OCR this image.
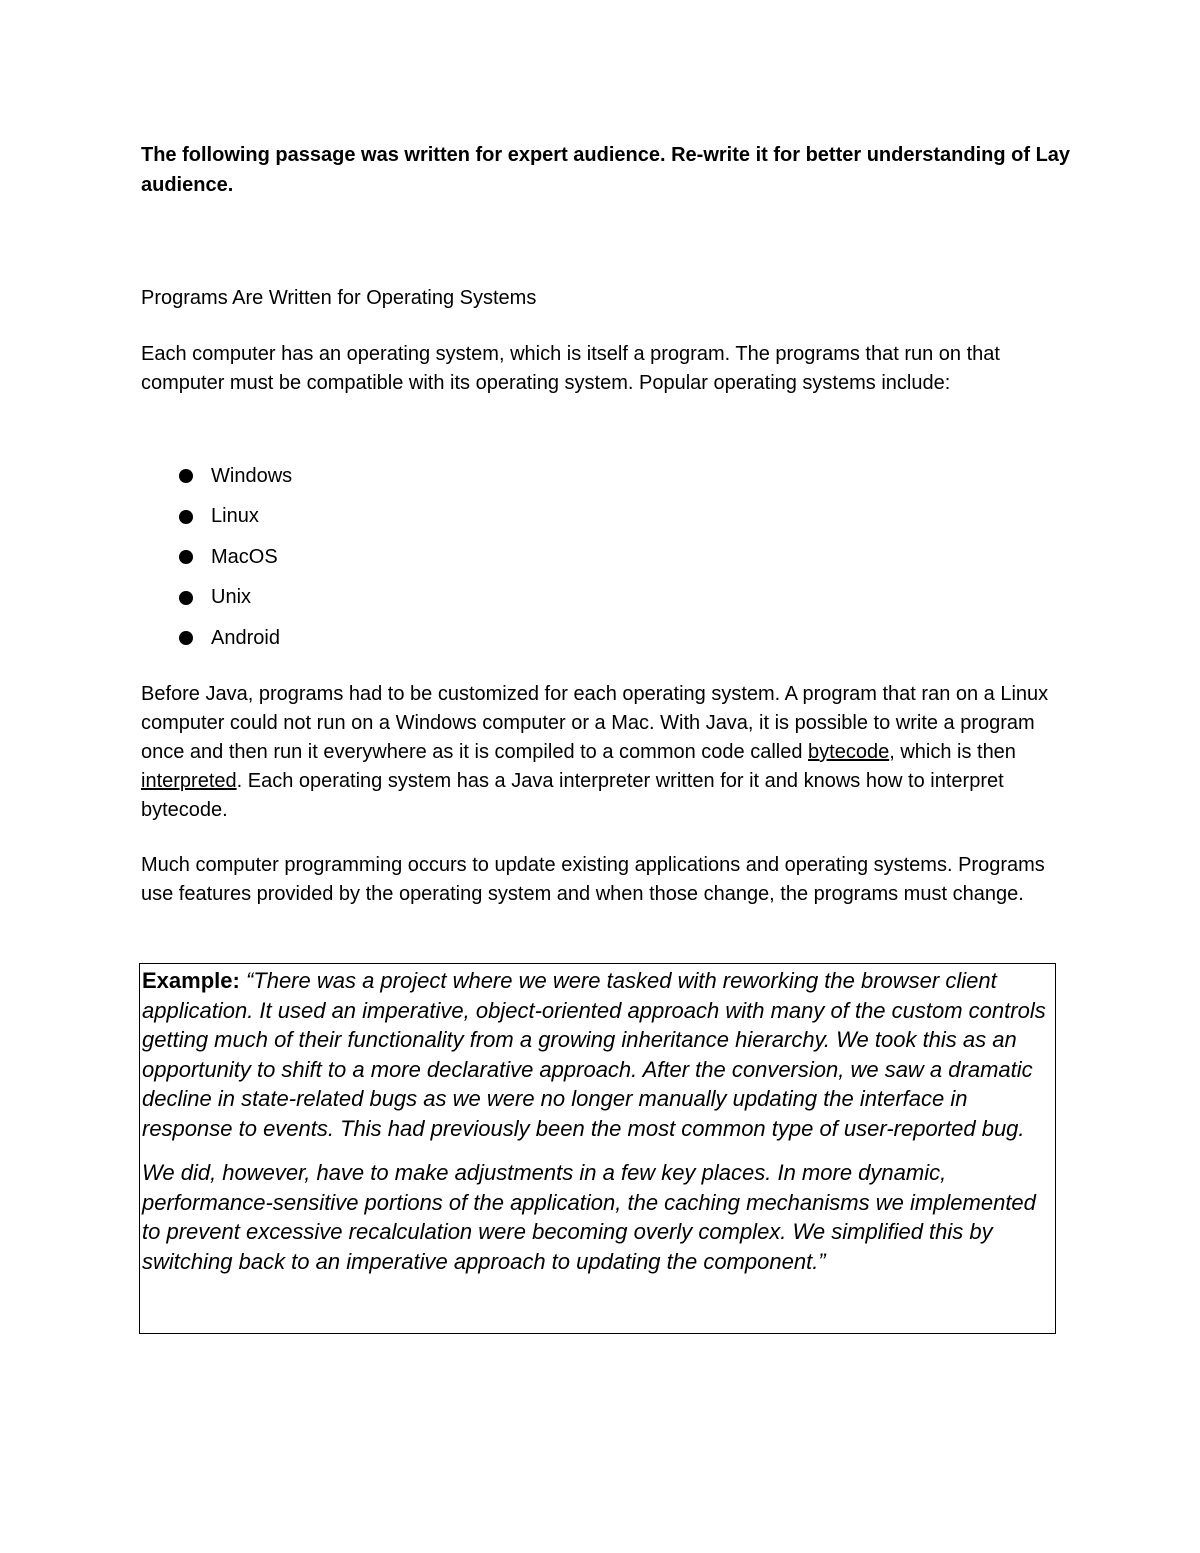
The following passage was written for expert audience. Re-write it for better understanding of Lay audience.

Programs Are Written for Operating Systems

Each computer has an operating system, which is itself a program. The programs that run on that computer must be compatible with its operating system. Popular operating systems include:

Windows
Linux
MacOS
Unix
Android

Before Java, programs had to be customized for each operating system. A program that ran on a Linux computer could not run on a Windows computer or a Mac. With Java, it is possible to write a program once and then run it everywhere as it is compiled to a common code called bytecode, which is then interpreted. Each operating system has a Java interpreter written for it and knows how to interpret bytecode.

Much computer programming occurs to update existing applications and operating systems. Programs use features provided by the operating system and when those change, the programs must change.

Example: “There was a project where we were tasked with reworking the browser client application. It used an imperative, object-oriented approach with many of the custom controls getting much of their functionality from a growing inheritance hierarchy. We took this as an opportunity to shift to a more declarative approach. After the conversion, we saw a dramatic decline in state-related bugs as we were no longer manually updating the interface in response to events. This had previously been the most common type of user-reported bug.

We did, however, have to make adjustments in a few key places. In more dynamic, performance-sensitive portions of the application, the caching mechanisms we implemented to prevent excessive recalculation were becoming overly complex. We simplified this by switching back to an imperative approach to updating the component.”
